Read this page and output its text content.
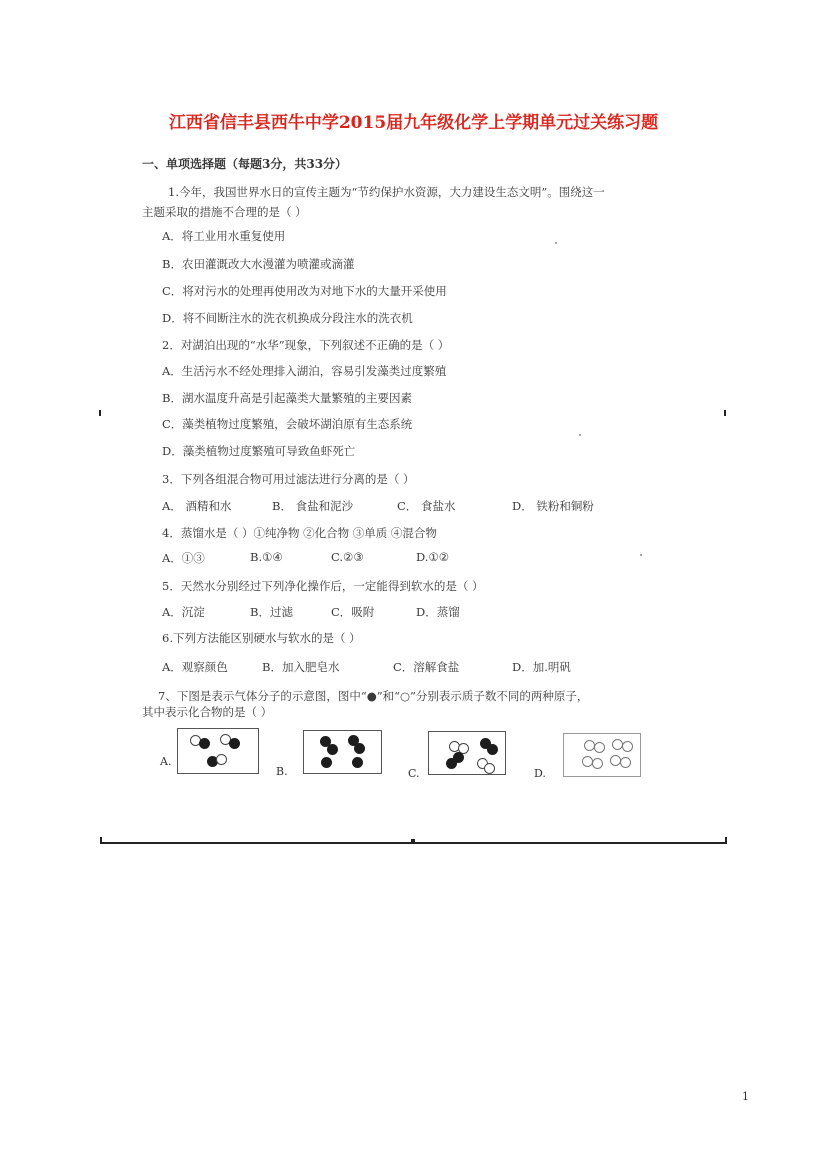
江西省信丰县西牛中学2015届九年级化学上学期单元过关练习题
一、单项选择题（每题3分，共33分）
1.今年，我国世界水日的宣传主题为“节约保护水资源，大力建设生态文明”。围绕这一
主题采取的措施不合理的是（ ）
A．将工业用水重复使用
B．农田灌溉改大水漫灌为喷灌或滴灌
C．将对污水的处理再使用改为对地下水的大量开采使用
D．将不间断注水的洗衣机换成分段注水的洗衣机
2．对湖泊出现的“水华”现象，下列叙述不正确的是（ ）
A．生活污水不经处理排入湖泊，容易引发藻类过度繁殖
B．湖水温度升高是引起藻类大量繁殖的主要因素
C．藻类植物过度繁殖，会破坏湖泊原有生态系统
D．藻类植物过度繁殖可导致鱼虾死亡
3．下列各组混合物可用过滤法进行分离的是（ ）
A． 酒精和水	B． 食盐和泥沙	C． 食盐水	D． 铁粉和铜粉
4．蒸馏水是（ ）①纯净物 ②化合物 ③单质 ④混合物
A．①③	B.①④	C.②③	D.①②
5．天然水分别经过下列净化操作后，一定能得到软水的是（ ）
A．沉淀	B．过滤	C．吸附	D．蒸馏
6.下列方法能区别硬水与软水的是（ ）
A．观察颜色	B．加入肥皂水	C．溶解食盐	D．加.明矾
7、下图是表示气体分子的示意图，图中“●”和“○”分别表示质子数不同的两种原子，
其中表示化合物的是（ ）
A.
B.	C.	D.
1
